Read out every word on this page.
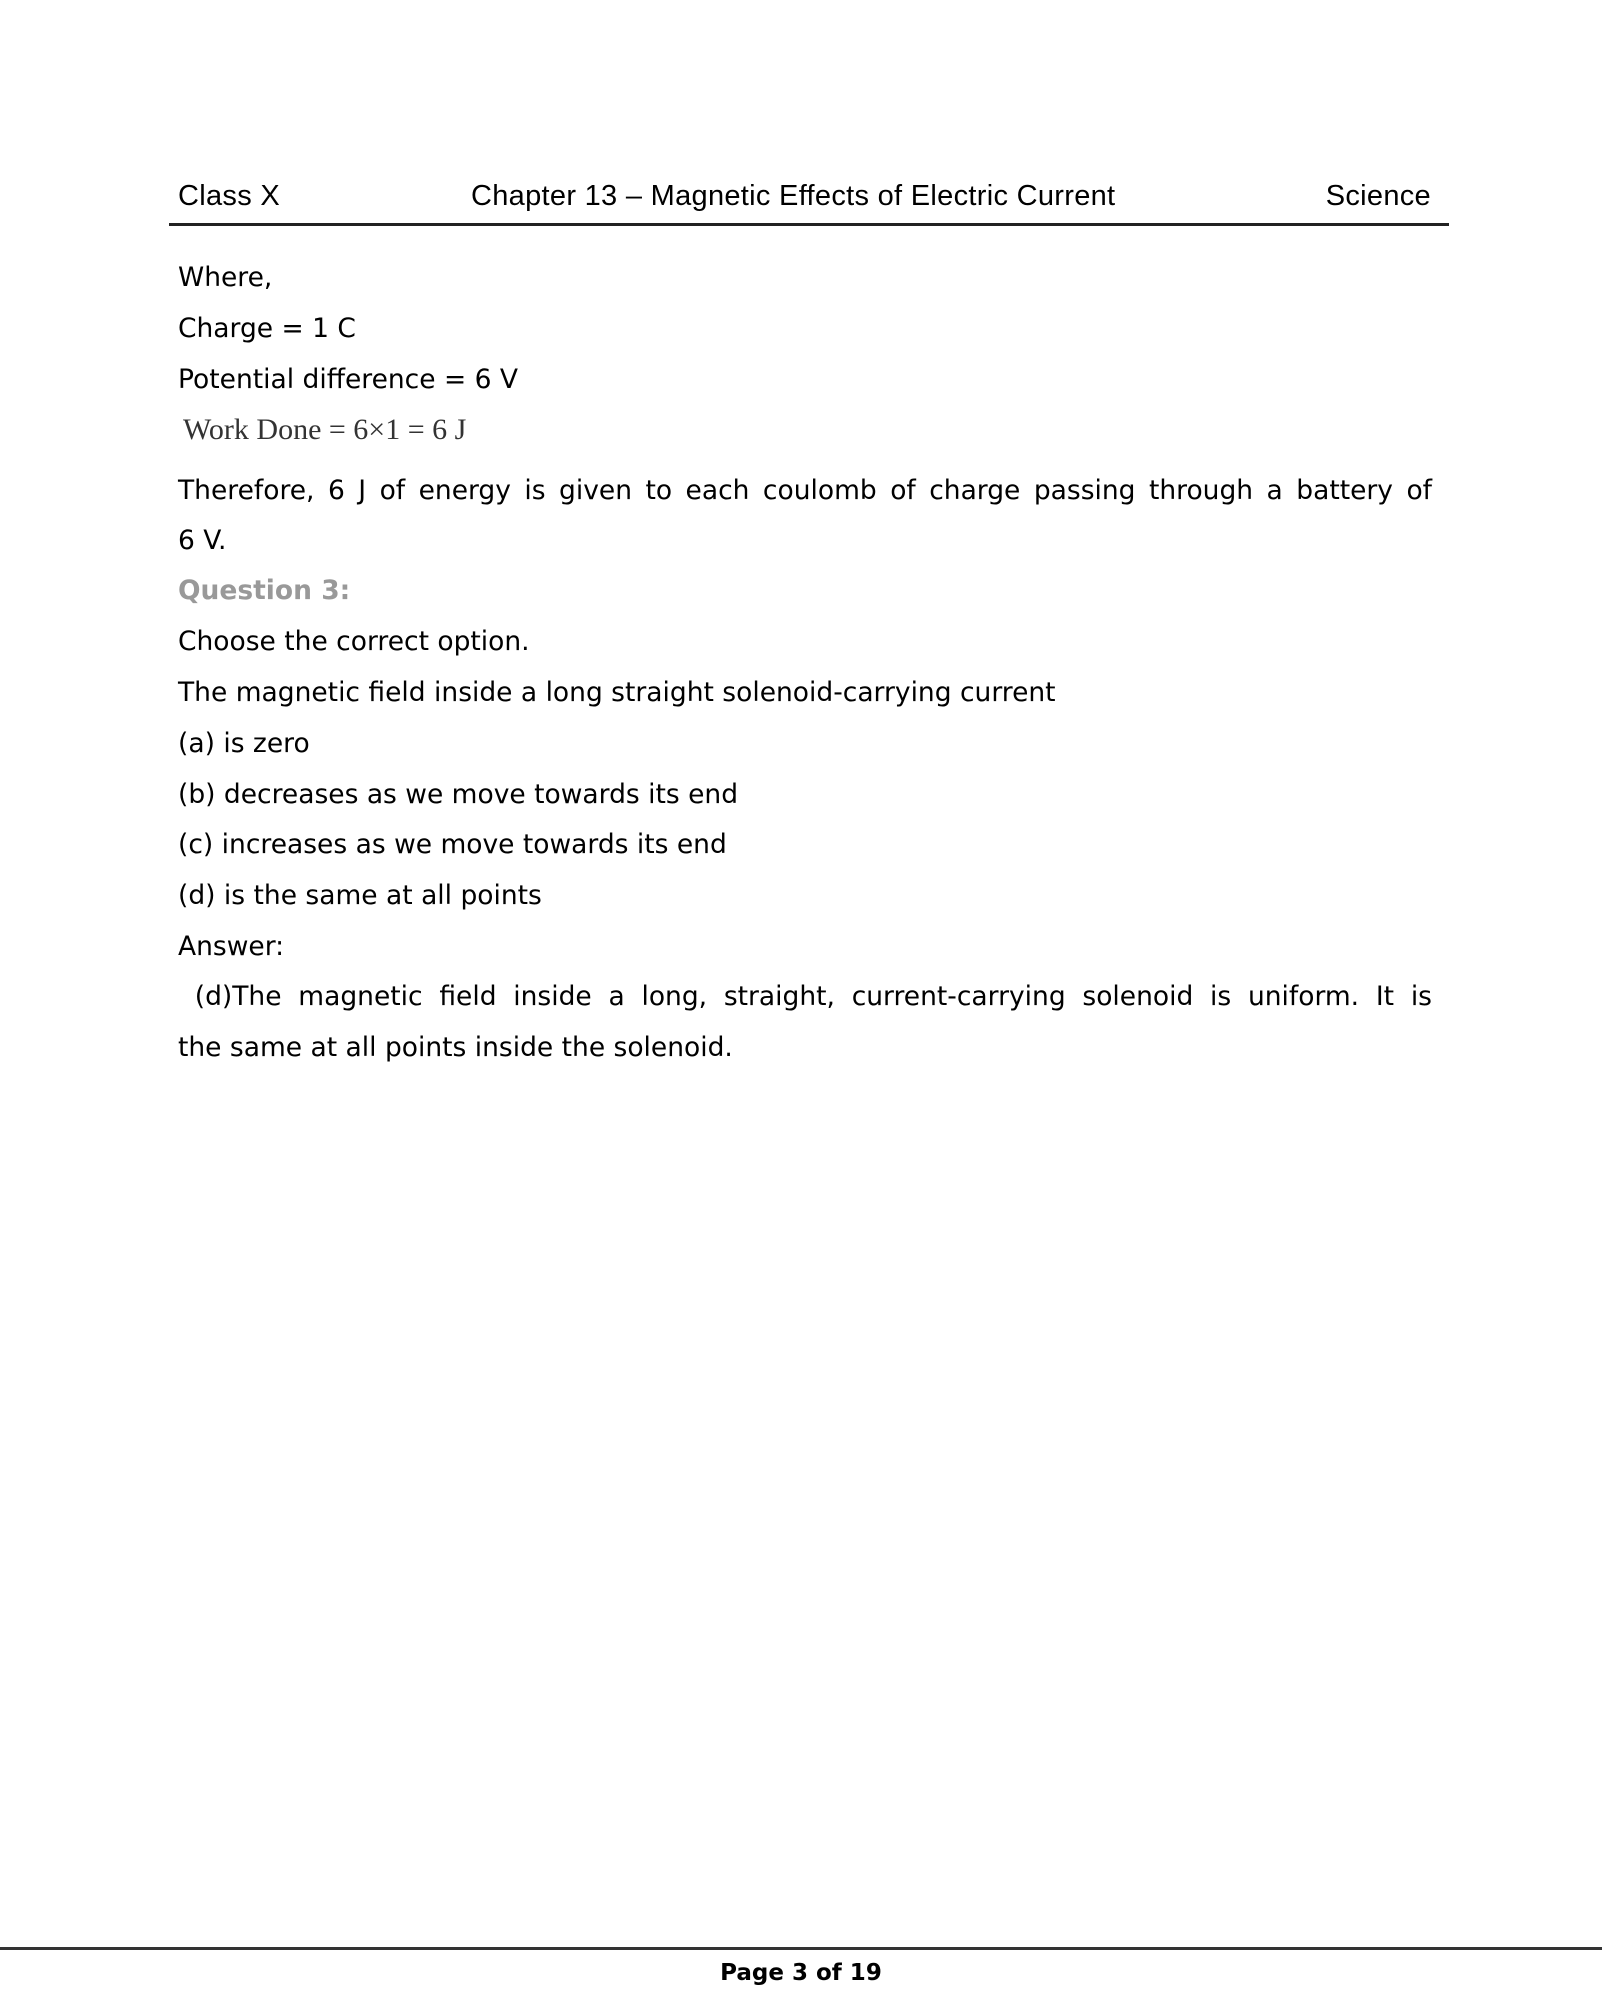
Class X	Chapter 13 – Magnetic Effects of Electric Current	Science
Where,
Charge = 1 C
Potential difference = 6 V
Work Done = 6×1 = 6 J
Therefore, 6 J of energy is given to each coulomb of charge passing through a battery of
6 V.
Question 3:
Choose the correct option.
The magnetic field inside a long straight solenoid-carrying current
(a) is zero
(b) decreases as we move towards its end
(c) increases as we move towards its end
(d) is the same at all points
Answer:
(d)The magnetic field inside a long, straight, current-carrying solenoid is uniform. It is
the same at all points inside the solenoid.
Page 3 of 19
